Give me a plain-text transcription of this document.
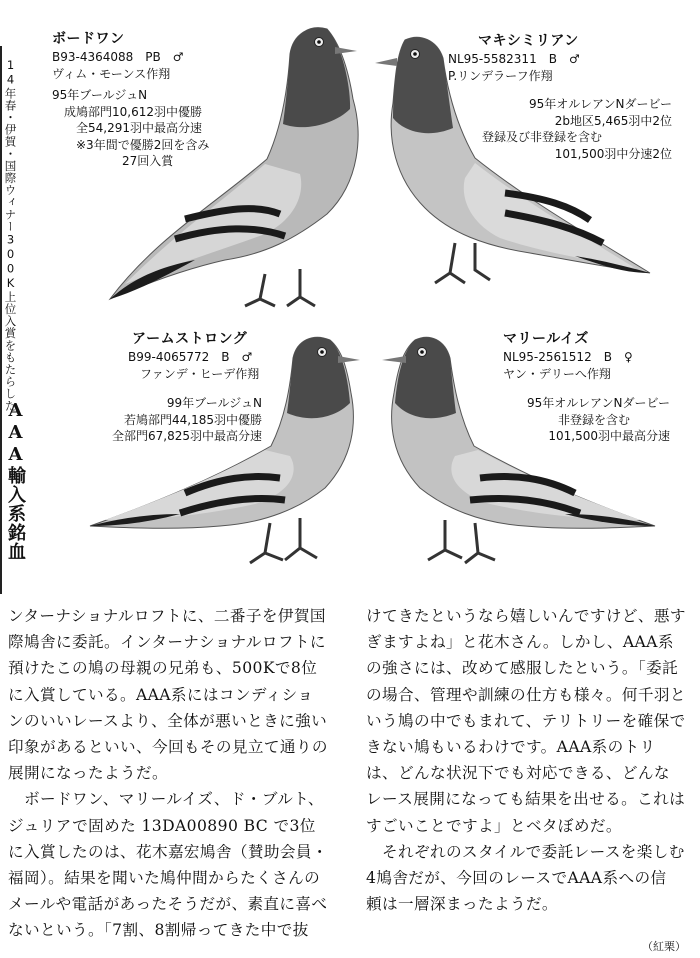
14年春・伊賀・国際ウィナー300K上位入賞をもたらした
AAA輸入系銘血
ボードワン
B93-4364088　PB　♂
ヴィム・モーンス作翔
95年ブールジュN
成鳩部門10,612羽中優勝
全54,291羽中最高分速
※3年間で優勝2回を含み
27回入賞
マキシミリアン
NL95-5582311　B　♂
P.リンデラーフ作翔
95年オルレアンNダービー
2b地区5,465羽中2位
登録及び非登録を含む
101,500羽中分速2位
アームストロング
B99-4065772　B　♂
ファンデ・ヒーデ作翔
99年ブールジュN
若鳩部門44,185羽中優勝
全部門67,825羽中最高分速
マリールイズ
NL95-2561512　B　♀
ヤン・デリーへ作翔
95年オルレアンNダービー
非登録を含む
101,500羽中最高分速

ンターナショナルロフトに、二番子を伊賀国

際鳩舎に委託。インターナショナルロフトに

預けたこの鳩の母親の兄弟も、500Kで8位

に入賞している。AAA系にはコンディショ

ンのいいレースより、全体が悪いときに強い

印象があるといい、今回もその見立て通りの

展開になったようだ。

　ボードワン、マリールイズ、ド・ブルト、

ジュリアで固めた 13DA00890 BC で3位

に入賞したのは、花木嘉宏鳩舎（賛助会員・

福岡）。結果を聞いた鳩仲間からたくさんの

メールや電話があったそうだが、素直に喜べ

ないという。「7割、8割帰ってきた中で抜

けてきたというなら嬉しいんですけど、悪す

ぎますよね」と花木さん。しかし、AAA系

の強さには、改めて感服したという。「委託

の場合、管理や訓練の仕方も様々。何千羽と

いう鳩の中でもまれて、テリトリーを確保で

きない鳩もいるわけです。AAA系のトリ

は、どんな状況下でも対応できる、どんな

レース展開になっても結果を出せる。これは

すごいことですよ」とベタぼめだ。

　それぞれのスタイルで委託レースを楽しむ

4鳩舎だが、今回のレースでAAA系への信

頼は一層深まったようだ。

（紅栗）
